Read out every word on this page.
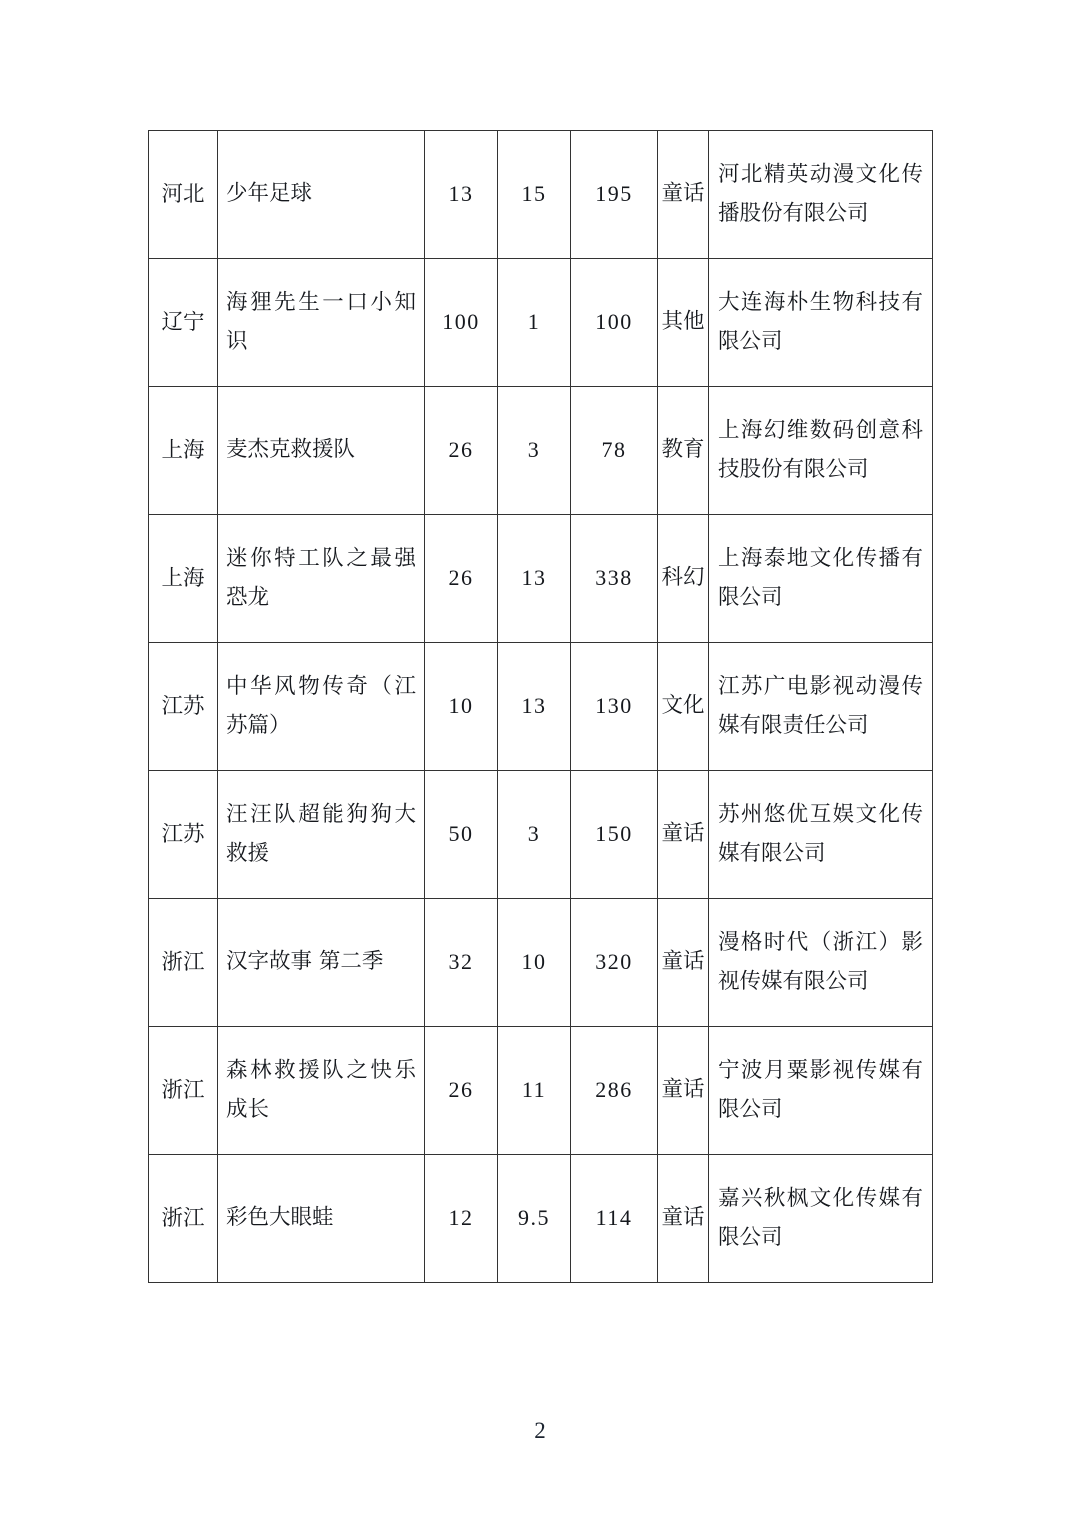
河北	少年足球	13	15	195	童话	河北精英动漫文化传播股份有限公司

辽宁	海狸先生一口小知识	100	1	100	其他	大连海朴生物科技有限公司

上海	麦杰克救援队	26	3	78	教育	上海幻维数码创意科技股份有限公司

上海	迷你特工队之最强恐龙	26	13	338	科幻	上海泰地文化传播有限公司

江苏	中华风物传奇（江苏篇）	10	13	130	文化	江苏广电影视动漫传媒有限责任公司

江苏	汪汪队超能狗狗大救援	50	3	150	童话	苏州悠优互娱文化传媒有限公司

浙江	汉字故事 第二季	32	10	320	童话	漫格时代（浙江）影视传媒有限公司

浙江	森林救援队之快乐成长	26	11	286	童话	宁波月粟影视传媒有限公司

浙江	彩色大眼蛙	12	9.5	114	童话	嘉兴秋枫文化传媒有限公司
2
